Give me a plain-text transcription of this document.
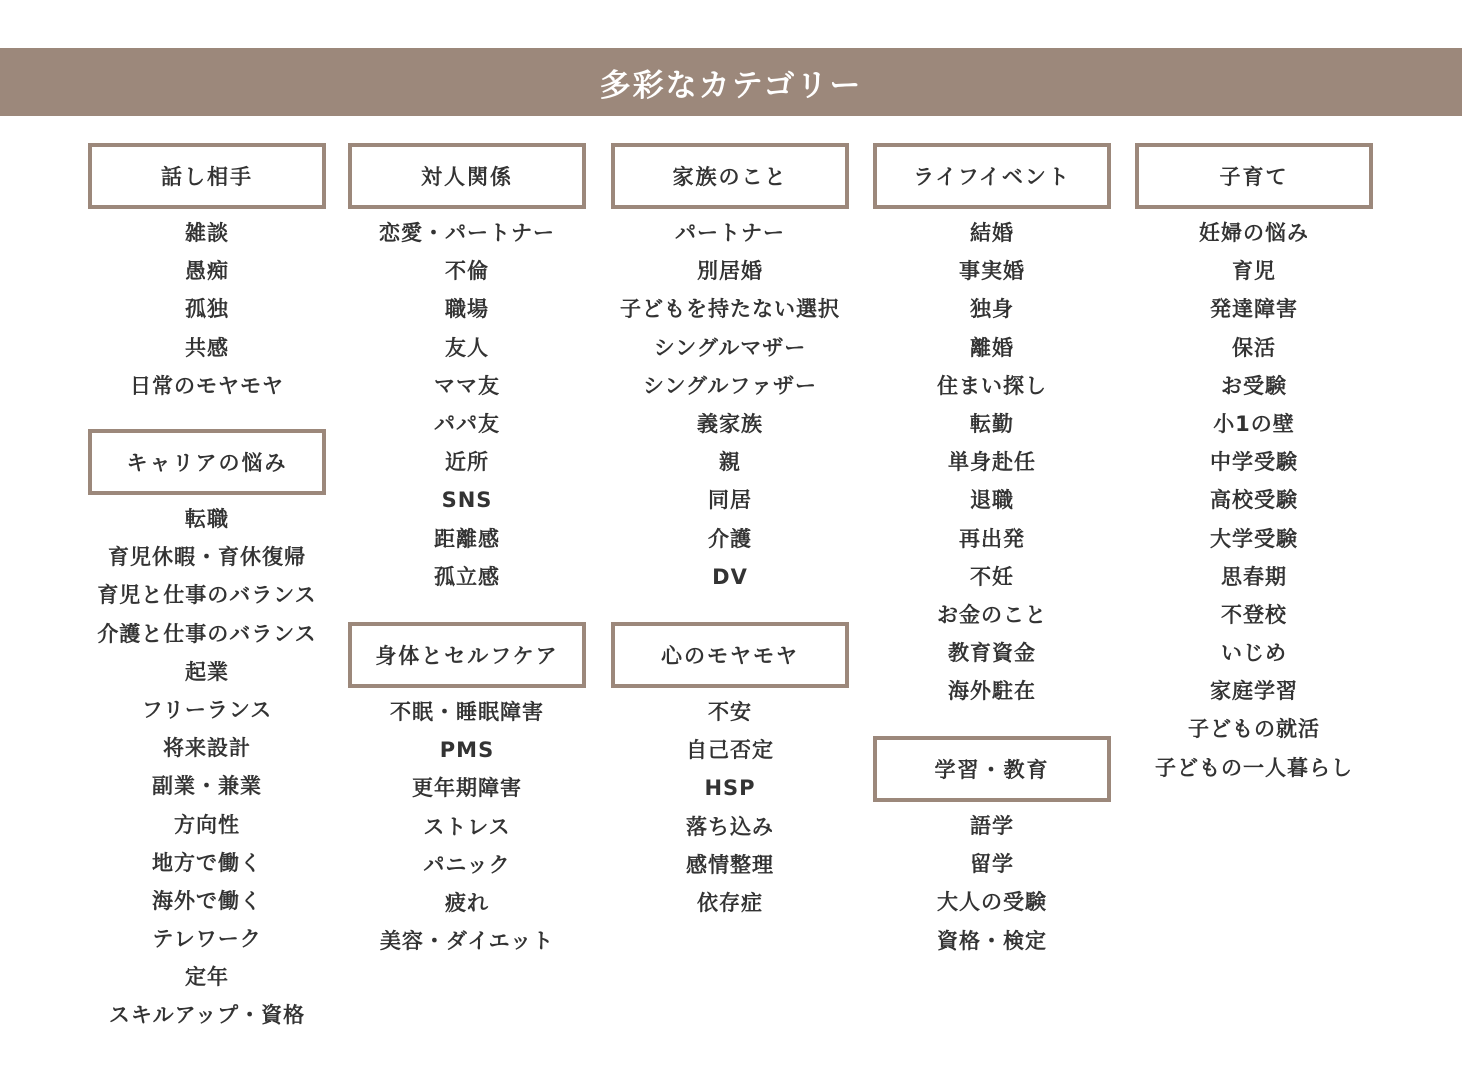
多彩なカテゴリー
話し相手
雑談
愚痴
孤独
共感
日常のモヤモヤ
キャリアの悩み
転職
育児休暇・育休復帰
育児と仕事のバランス
介護と仕事のバランス
起業
フリーランス
将来設計
副業・兼業
方向性
地方で働く
海外で働く
テレワーク
定年
スキルアップ・資格
対人関係
恋愛・パートナー
不倫
職場
友人
ママ友
パパ友
近所
SNS
距離感
孤立感
身体とセルフケア
不眠・睡眠障害
PMS
更年期障害
ストレス
パニック
疲れ
美容・ダイエット
家族のこと
パートナー
別居婚
子どもを持たない選択
シングルマザー
シングルファザー
義家族
親
同居
介護
DV
心のモヤモヤ
不安
自己否定
HSP
落ち込み
感情整理
依存症
ライフイベント
結婚
事実婚
独身
離婚
住まい探し
転勤
単身赴任
退職
再出発
不妊
お金のこと
教育資金
海外駐在
学習・教育
語学
留学
大人の受験
資格・検定
子育て
妊婦の悩み
育児
発達障害
保活
お受験
小1の壁
中学受験
高校受験
大学受験
思春期
不登校
いじめ
家庭学習
子どもの就活
子どもの一人暮らし
